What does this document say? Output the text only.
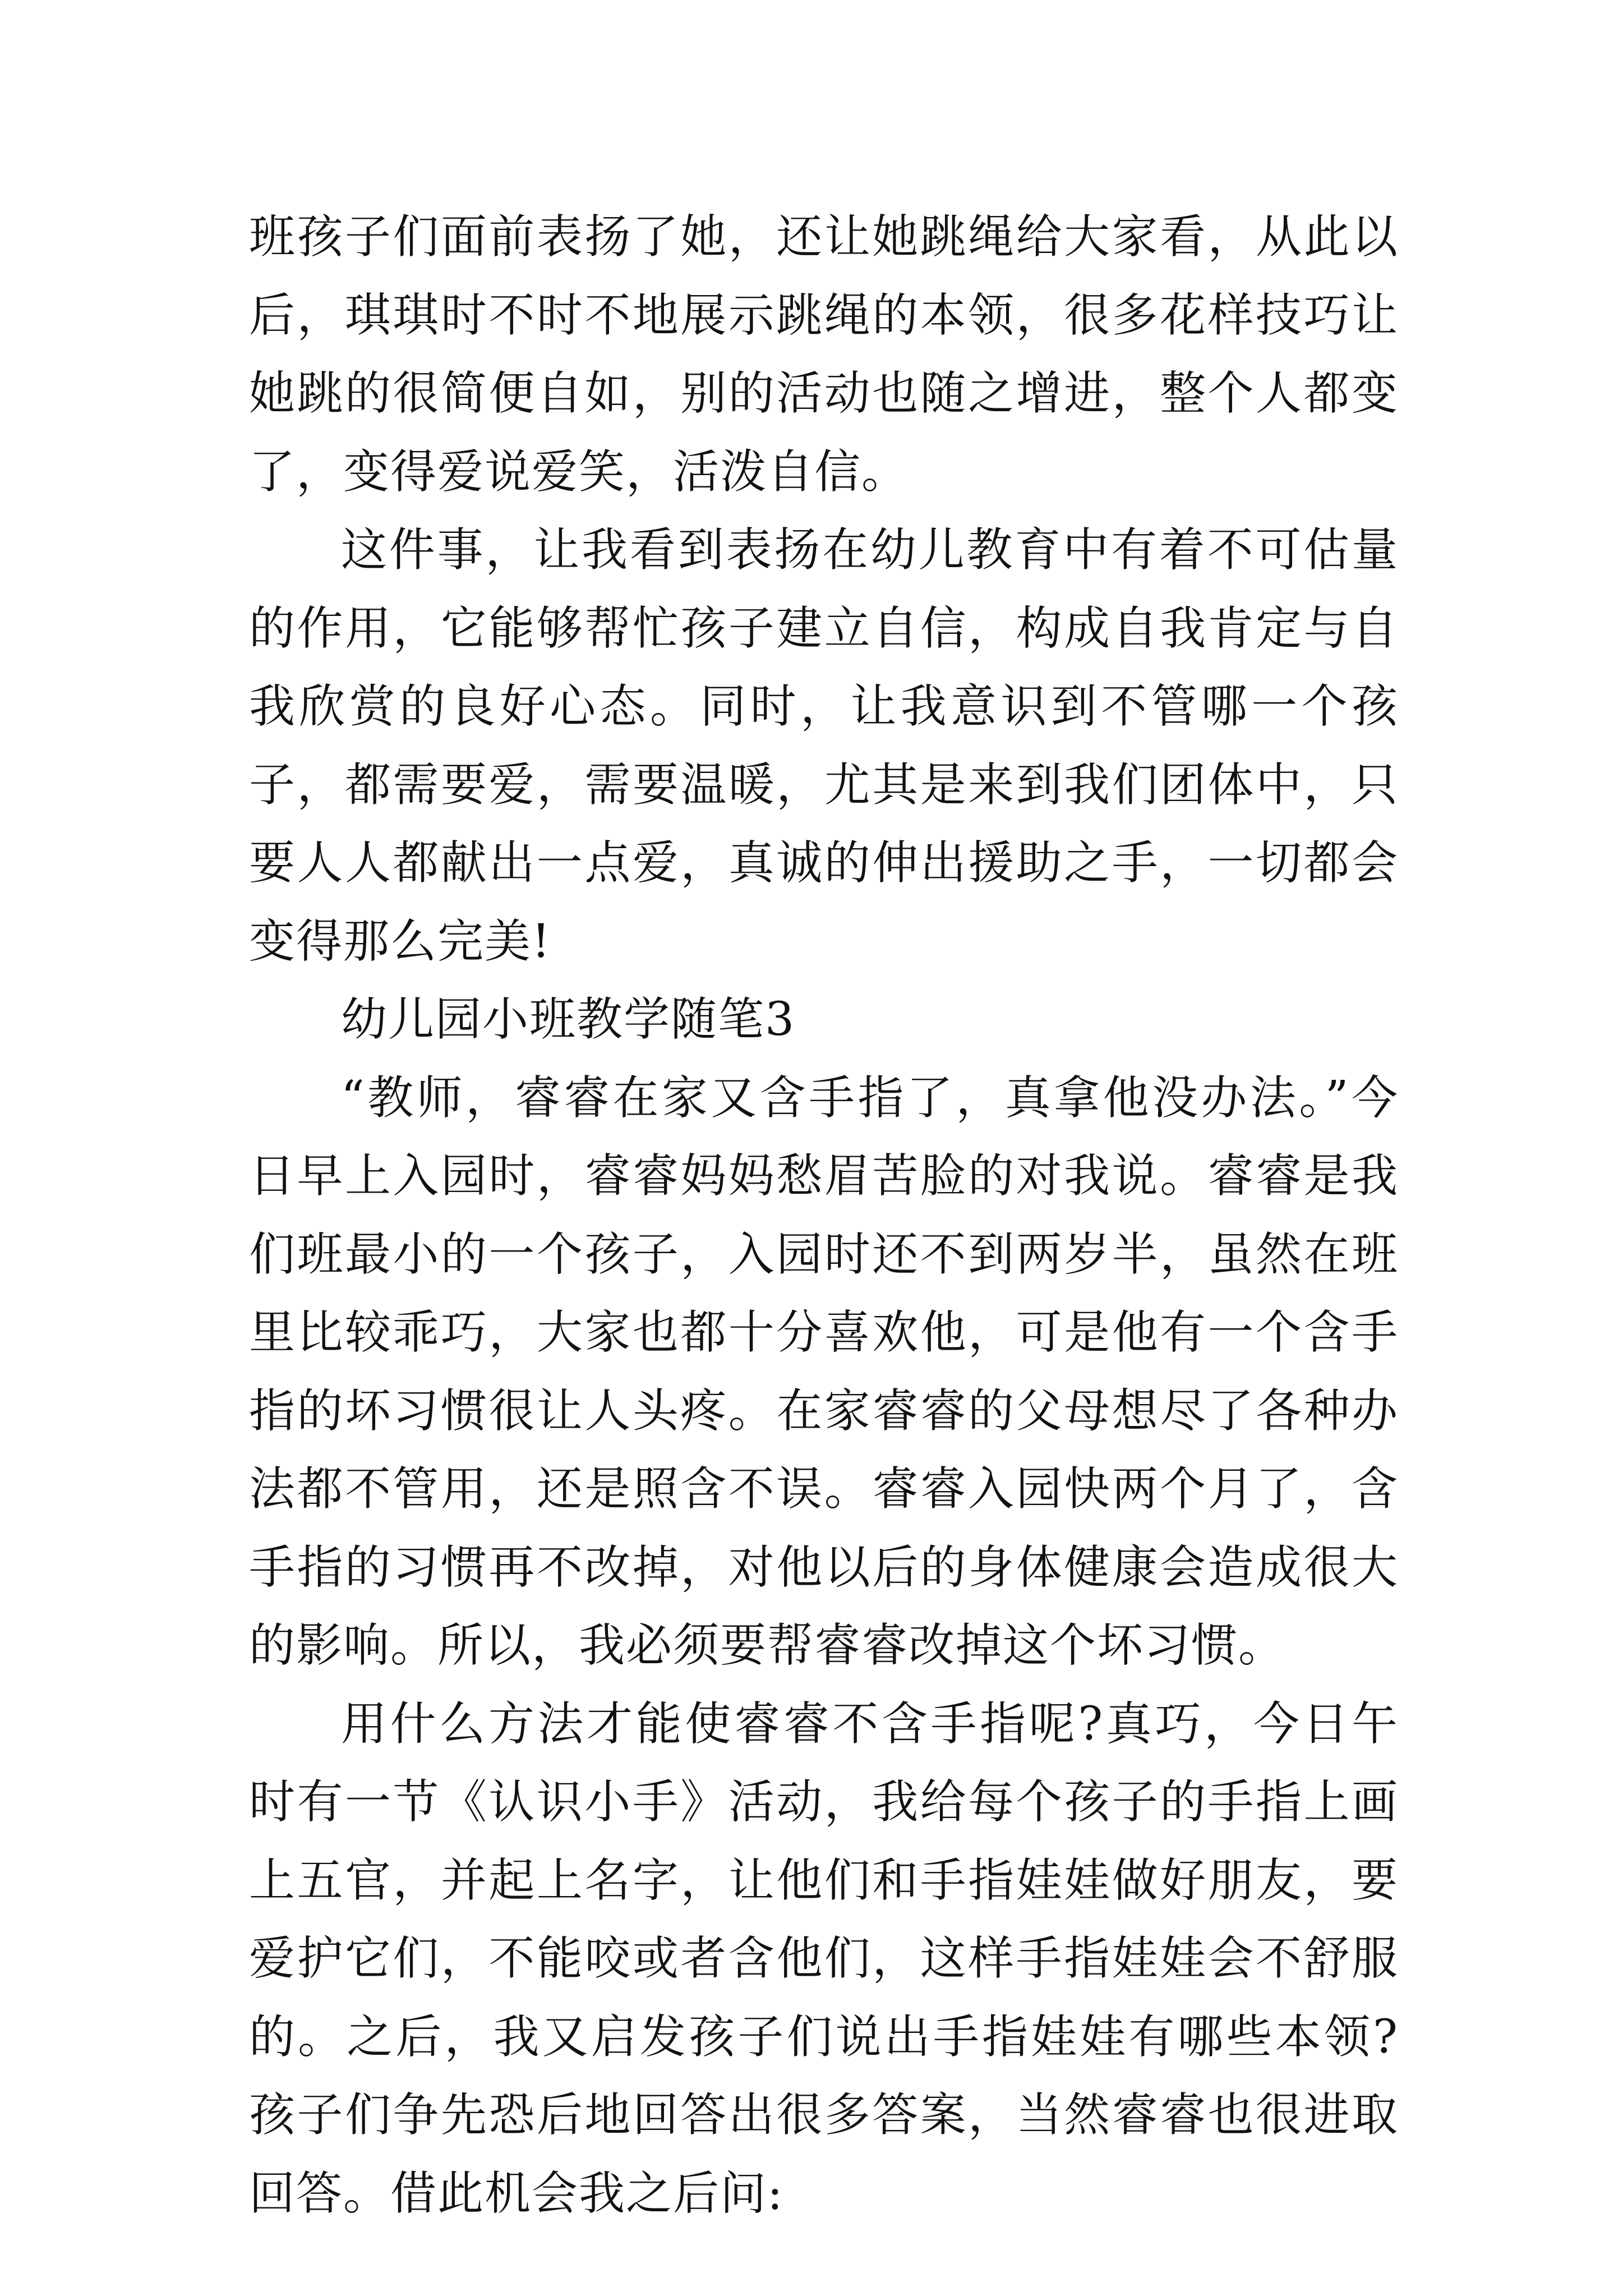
班孩子们面前表扬了她，还让她跳绳给大家看，从此以后，琪琪时不时不地展示跳绳的本领，很多花样技巧让她跳的很简便自如，别的活动也随之增进，整个人都变了，变得爱说爱笑，活泼自信。

这件事，让我看到表扬在幼儿教育中有着不可估量的作用，它能够帮忙孩子建立自信，构成自我肯定与自我欣赏的良好心态。同时，让我意识到不管哪一个孩子，都需要爱，需要温暖，尤其是来到我们团体中，只要人人都献出一点爱，真诚的伸出援助之手，一切都会变得那么完美!

幼儿园小班教学随笔3

“教师，睿睿在家又含手指了，真拿他没办法。”今日早上入园时，睿睿妈妈愁眉苦脸的对我说。睿睿是我们班最小的一个孩子，入园时还不到两岁半，虽然在班里比较乖巧，大家也都十分喜欢他，可是他有一个含手指的坏习惯很让人头疼。在家睿睿的父母想尽了各种办法都不管用，还是照含不误。睿睿入园快两个月了，含手指的习惯再不改掉，对他以后的身体健康会造成很大的影响。所以，我必须要帮睿睿改掉这个坏习惯。

用什么方法才能使睿睿不含手指呢?真巧，今日午时有一节《认识小手》活动，我给每个孩子的手指上画上五官，并起上名字，让他们和手指娃娃做好朋友，要爱护它们，不能咬或者含他们，这样手指娃娃会不舒服的。之后，我又启发孩子们说出手指娃娃有哪些本领?孩子们争先恐后地回答出很多答案，当然睿睿也很进取回答。借此机会我之后问:
